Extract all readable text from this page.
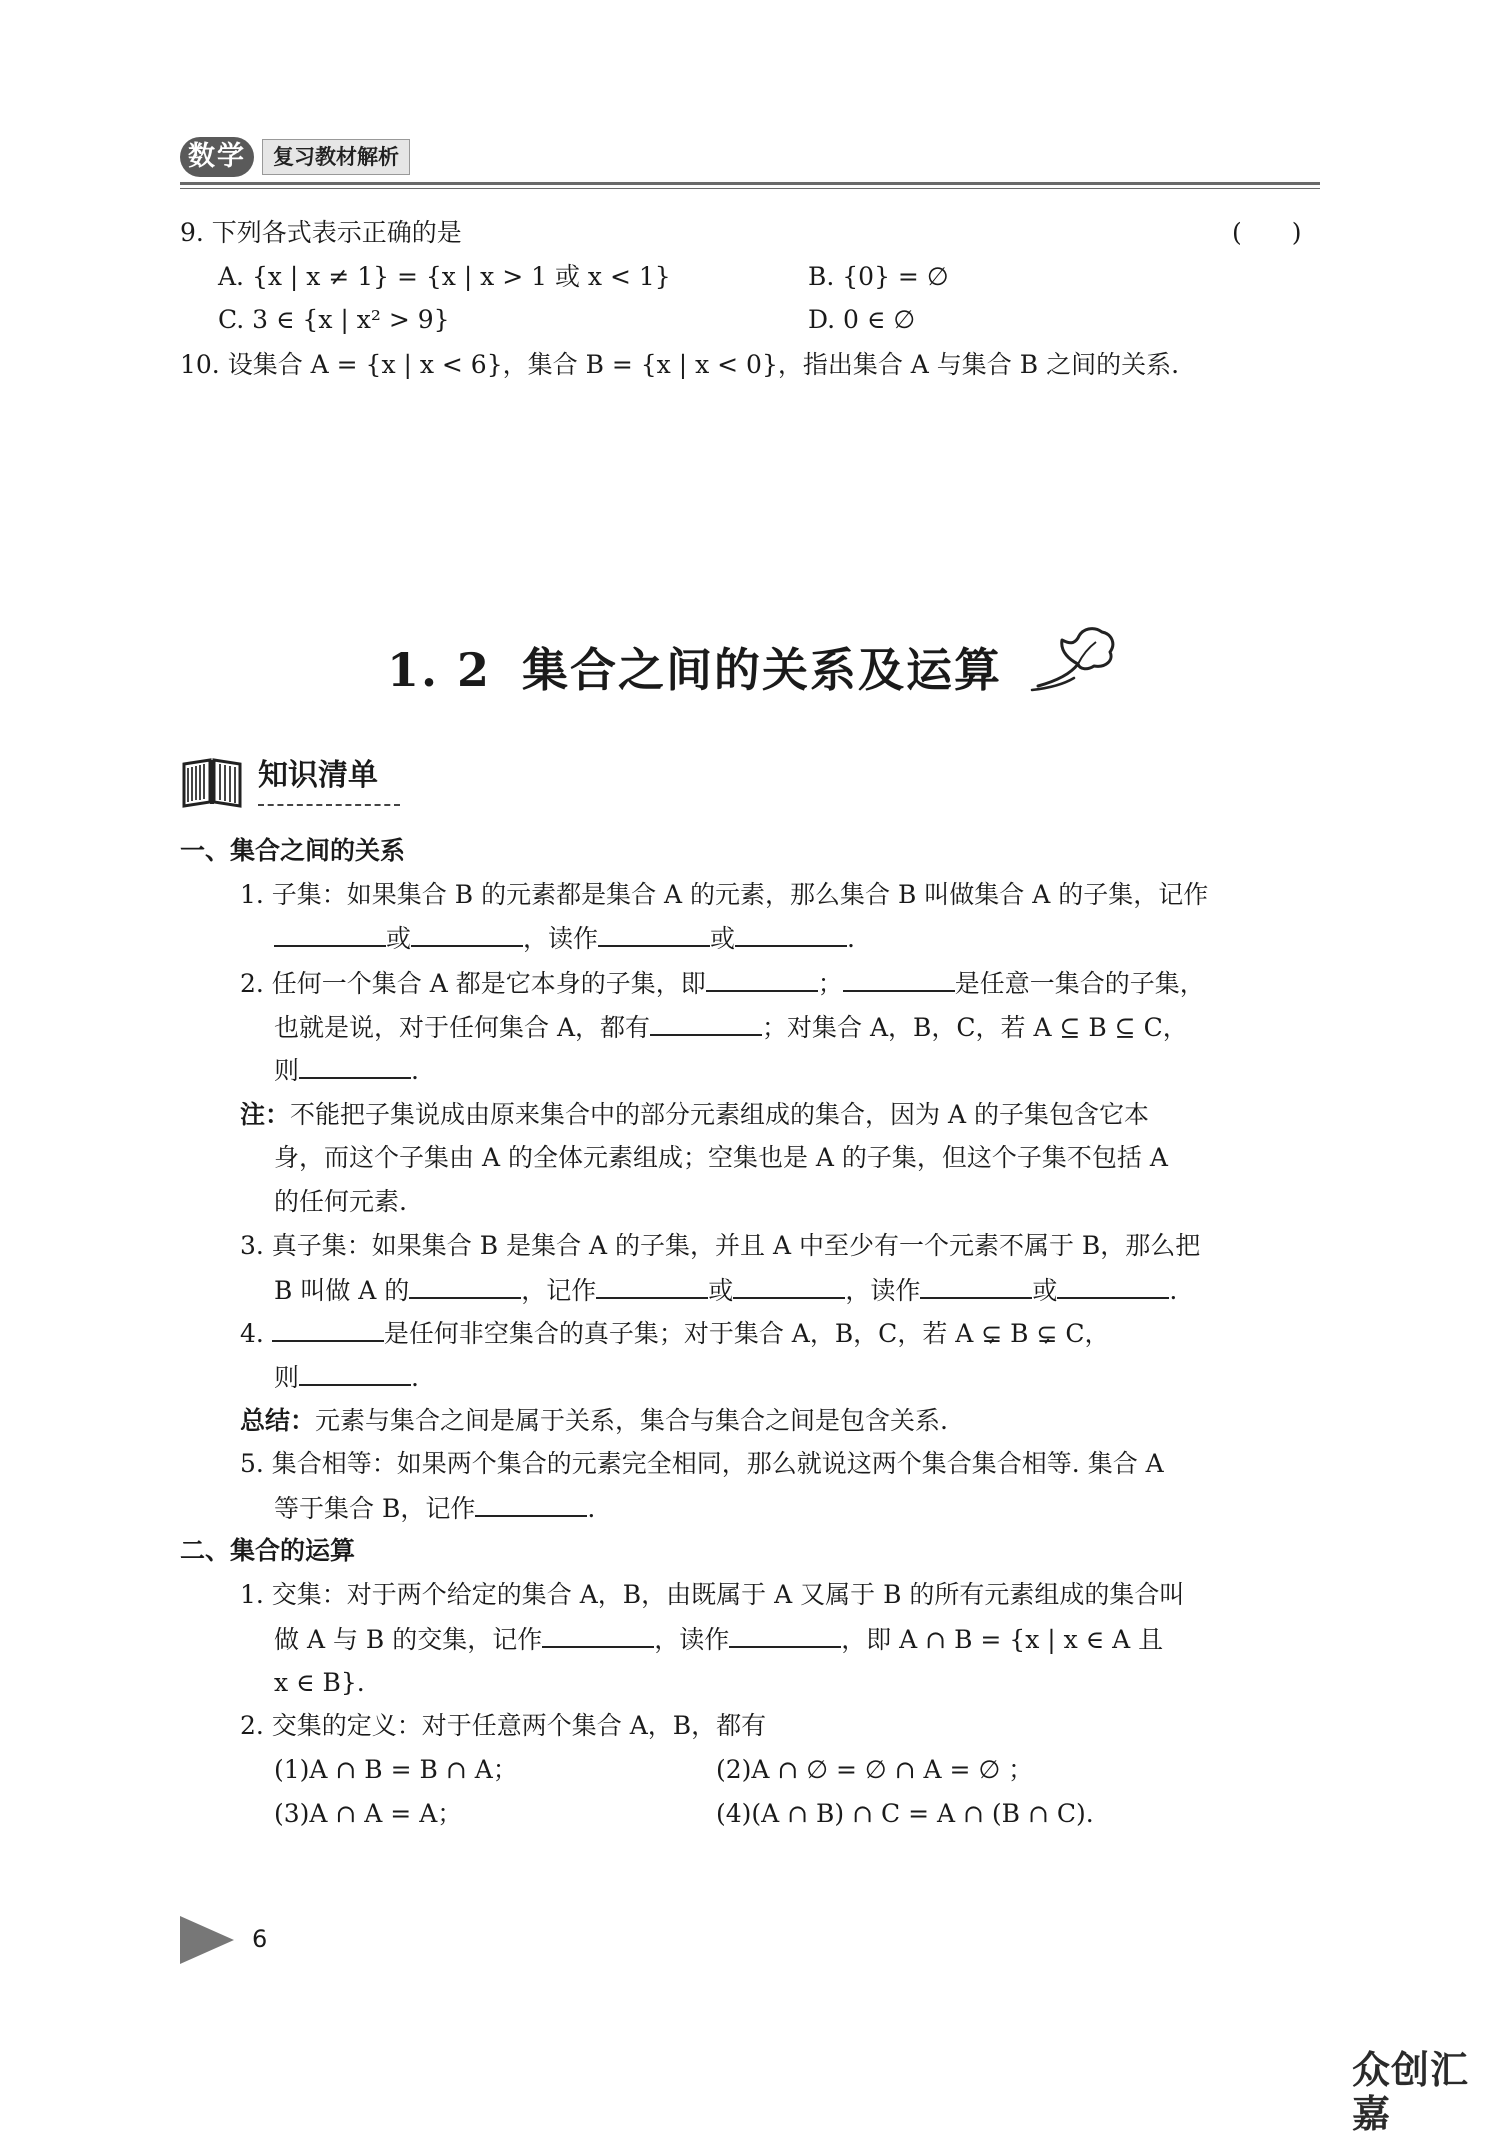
数学	复习教材解析
9. 下列各式表示正确的是	(　　)
A. {x | x ≠ 1} = {x | x > 1 或 x < 1}	B. {0} = ∅
C. 3 ∈ {x | x² > 9}	D. 0 ∈ ∅
10. 设集合 A = {x | x < 6}，集合 B = {x | x < 0}，指出集合 A 与集合 B 之间的关系.
1. 2 集合之间的关系及运算
知识清单
一、集合之间的关系
1. 子集：如果集合 B 的元素都是集合 A 的元素，那么集合 B 叫做集合 A 的子集，记作
或	，读作	或	.
2. 任何一个集合 A 都是它本身的子集，即	；	是任意一集合的子集，
也就是说，对于任何集合 A，都有	；对集合 A，B，C，若 A ⊆ B ⊆ C，
则	.
注：不能把子集说成由原来集合中的部分元素组成的集合，因为 A 的子集包含它本
身，而这个子集由 A 的全体元素组成；空集也是 A 的子集，但这个子集不包括 A
的任何元素.
3. 真子集：如果集合 B 是集合 A 的子集，并且 A 中至少有一个元素不属于 B，那么把
B 叫做 A 的	，记作	或	，读作	或	.
4.	是任何非空集合的真子集；对于集合 A，B，C，若 A ⊊ B ⊊ C，
则	.
总结：元素与集合之间是属于关系，集合与集合之间是包含关系.
5. 集合相等：如果两个集合的元素完全相同，那么就说这两个集合集合相等. 集合 A
等于集合 B，记作	.
二、集合的运算
1. 交集：对于两个给定的集合 A，B，由既属于 A 又属于 B 的所有元素组成的集合叫
做 A 与 B 的交集，记作	，读作	，即 A ∩ B = {x | x ∈ A 且
x ∈ B}.
2. 交集的定义：对于任意两个集合 A，B，都有
(1)A ∩ B = B ∩ A；	(2)A ∩ ∅ = ∅ ∩ A = ∅ ；
(3)A ∩ A = A；	(4)(A ∩ B) ∩ C = A ∩ (B ∩ C).
6
众创汇嘉
